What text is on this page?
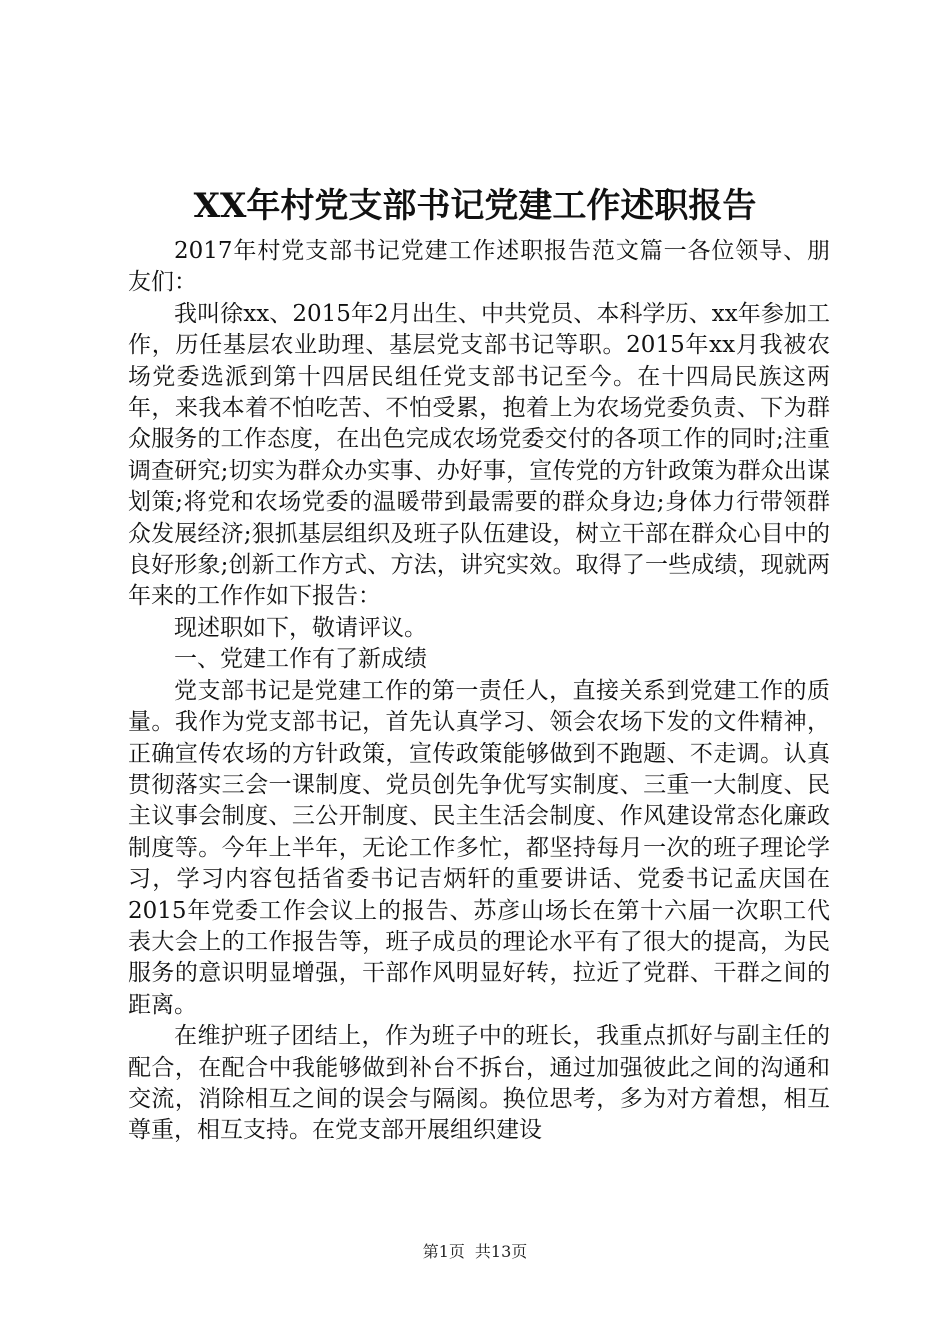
XX年村党支部书记党建工作述职报告

2017年村党支部书记党建工作述职报告范文篇一各位领导、朋友们：

我叫徐xx、2015年2月出生、中共党员、本科学历、xx年参加工作，历任基层农业助理、基层党支部书记等职。2015年xx月我被农场党委选派到第十四居民组任党支部书记至今。在十四局民族这两年，来我本着不怕吃苦、不怕受累，抱着上为农场党委负责、下为群众服务的工作态度，在出色完成农场党委交付的各项工作的同时;注重调查研究;切实为群众办实事、办好事，宣传党的方针政策为群众出谋划策;将党和农场党委的温暖带到最需要的群众身边;身体力行带领群众发展经济;狠抓基层组织及班子队伍建设，树立干部在群众心目中的良好形象;创新工作方式、方法，讲究实效。取得了一些成绩，现就两年来的工作作如下报告：

现述职如下，敬请评议。

一、党建工作有了新成绩

党支部书记是党建工作的第一责任人，直接关系到党建工作的质量。我作为党支部书记，首先认真学习、领会农场下发的文件精神，正确宣传农场的方针政策，宣传政策能够做到不跑题、不走调。认真贯彻落实三会一课制度、党员创先争优写实制度、三重一大制度、民主议事会制度、三公开制度、民主生活会制度、作风建设常态化廉政制度等。今年上半年，无论工作多忙，都坚持每月一次的班子理论学习，学习内容包括省委书记吉炳轩的重要讲话、党委书记孟庆国在2015年党委工作会议上的报告、苏彦山场长在第十六届一次职工代表大会上的工作报告等，班子成员的理论水平有了很大的提高，为民服务的意识明显增强，干部作风明显好转，拉近了党群、干群之间的距离。

在维护班子团结上，作为班子中的班长，我重点抓好与副主任的配合，在配合中我能够做到补台不拆台，通过加强彼此之间的沟通和交流，消除相互之间的误会与隔阂。换位思考，多为对方着想，相互尊重，相互支持。在党支部开展组织建设

第1页 共13页
